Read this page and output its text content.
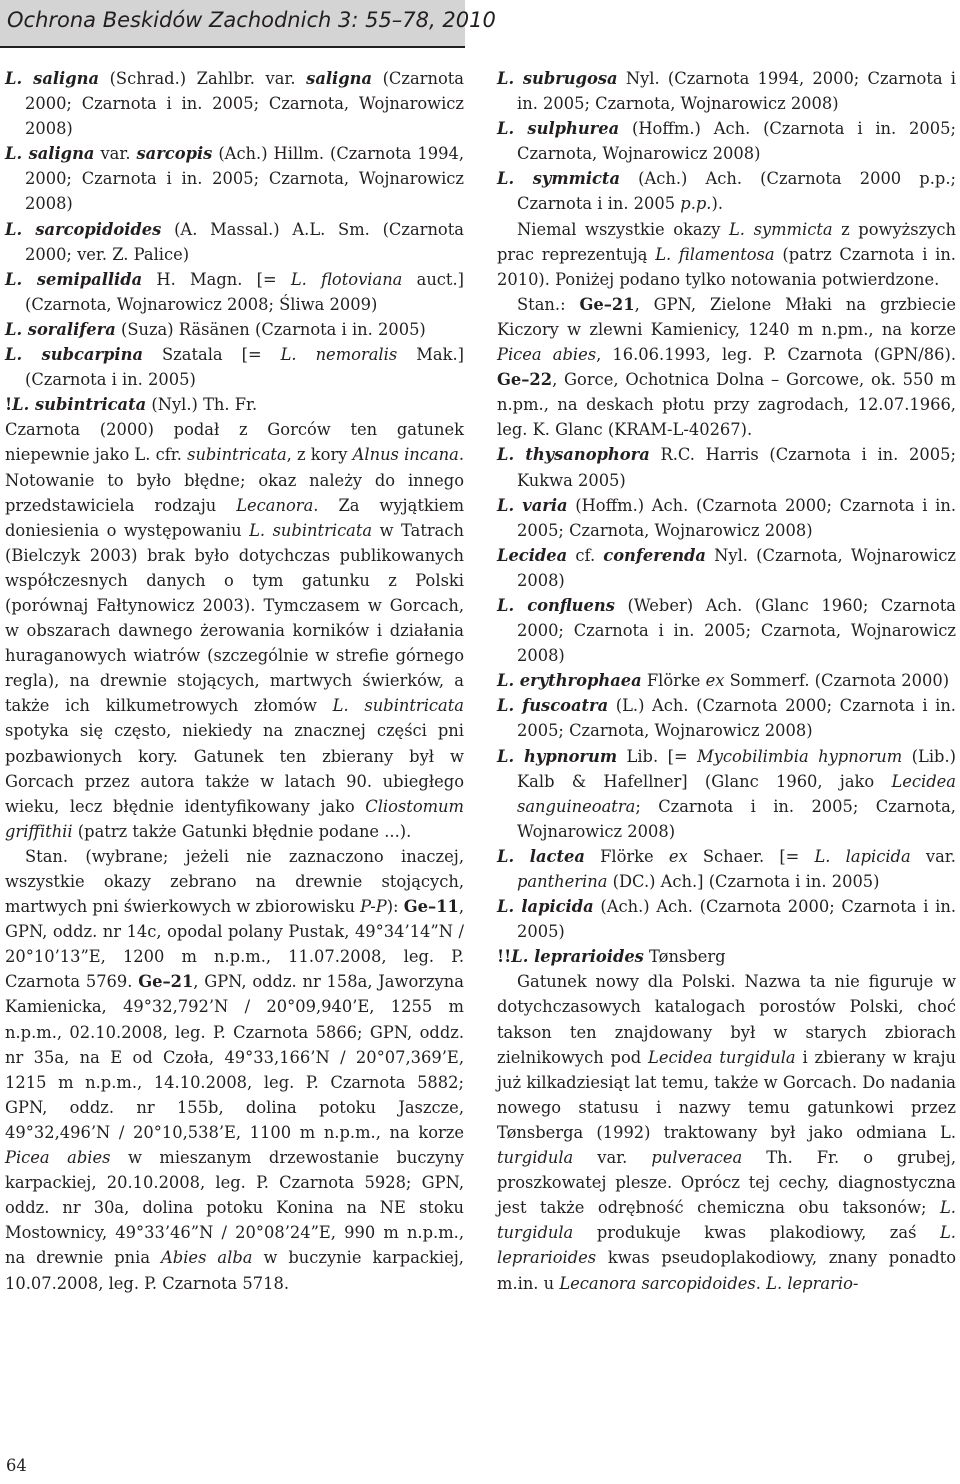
Ochrona Beskidów Zachodnich 3: 55–78, 2010

L. saligna (Schrad.) Zahlbr. var. saligna (Czarnota 2000; Czarnota i in. 2005; Czarnota, Wojnarowicz 2008)

L. saligna var. sarcopis (Ach.) Hillm. (Czarnota 1994, 2000; Czarnota i in. 2005; Czarnota, Wojnarowicz 2008)

L. sarcopidoides (A. Massal.) A.L. Sm. (Czarnota 2000; ver. Z. Palice)

L. semipallida H. Magn. [= L. flotoviana auct.] (Czarnota, Wojnarowicz 2008; Śliwa 2009)

L. soralifera (Suza) Räsänen (Czarnota i in. 2005)

L. subcarpina Szatala [= L. nemoralis Mak.] (Czarnota i in. 2005)

!L. subintricata (Nyl.) Th. Fr.

Czarnota (2000) podał z Gorców ten gatunek niepewnie jako L. cfr. subintricata, z kory Alnus incana. Notowanie to było błędne; okaz należy do innego przedstawiciela rodzaju Lecanora. Za wyjątkiem doniesienia o występowaniu L. subintricata w Tatrach (Bielczyk 2003) brak było dotychczas publikowanych współczesnych danych o tym gatunku z Polski (porównaj Fałtynowicz 2003). Tymczasem w Gorcach, w obszarach dawnego żerowania korników i działania huraganowych wiatrów (szczególnie w strefie górnego regla), na drewnie stojących, martwych świerków, a także ich kilkumetrowych złomów L. subintricata spotyka się często, niekiedy na znacznej części pni pozbawionych kory. Gatunek ten zbierany był w Gorcach przez autora także w latach 90. ubiegłego wieku, lecz błędnie identyfikowany jako Cliostomum griffithii (patrz także Gatunki błędnie podane ...).

Stan. (wybrane; jeżeli nie zaznaczono inaczej, wszystkie okazy zebrano na drewnie stojących, martwych pni świerkowych w zbiorowisku P-P): Ge–11, GPN, oddz. nr 14c, opodal polany Pustak, 49°34’14”N / 20°10’13”E, 1200 m n.p.m., 11.07.2008, leg. P. Czarnota 5769. Ge–21, GPN, oddz. nr 158a, Jaworzyna Kamienicka, 49°32,792’N / 20°09,940’E, 1255 m n.p.m., 02.10.2008, leg. P. Czarnota 5866; GPN, oddz. nr 35a, na E od Czoła, 49°33,166’N / 20°07,369’E, 1215 m n.p.m., 14.10.2008, leg. P. Czarnota 5882; GPN, oddz. nr 155b, dolina potoku Jaszcze, 49°32,496’N / 20°10,538’E, 1100 m n.p.m., na korze Picea abies w mieszanym drzewostanie buczyny karpackiej, 20.10.2008, leg. P. Czarnota 5928; GPN, oddz. nr 30a, dolina potoku Konina na NE stoku Mostownicy, 49°33’46”N / 20°08’24”E, 990 m n.p.m., na drewnie pnia Abies alba w buczynie karpackiej, 10.07.2008, leg. P. Czarnota 5718.

L. subrugosa Nyl. (Czarnota 1994, 2000; Czarnota i in. 2005; Czarnota, Wojnarowicz 2008)

L. sulphurea (Hoffm.) Ach. (Czarnota i in. 2005; Czarnota, Wojnarowicz 2008)

L. symmicta (Ach.) Ach. (Czarnota 2000 p.p.; Czarnota i in. 2005 p.p.).

Niemal wszystkie okazy L. symmicta z powyższych prac reprezentują L. filamentosa (patrz Czarnota i in. 2010). Poniżej podano tylko notowania potwierdzone.

Stan.: Ge–21, GPN, Zielone Młaki na grzbiecie Kiczory w zlewni Kamienicy, 1240 m n.pm., na korze Picea abies, 16.06.1993, leg. P. Czarnota (GPN/86). Ge–22, Gorce, Ochotnica Dolna – Gorcowe, ok. 550 m n.pm., na deskach płotu przy zagrodach, 12.07.1966, leg. K. Glanc (KRAM-L-40267).

L. thysanophora R.C. Harris (Czarnota i in. 2005; Kukwa 2005)

L. varia (Hoffm.) Ach. (Czarnota 2000; Czarnota i in. 2005; Czarnota, Wojnarowicz 2008)

Lecidea cf. conferenda Nyl. (Czarnota, Wojnarowicz 2008)

L. confluens (Weber) Ach. (Glanc 1960; Czarnota 2000; Czarnota i in. 2005; Czarnota, Wojnarowicz 2008)

L. erythrophaea Flörke ex Sommerf. (Czarnota 2000)

L. fuscoatra (L.) Ach. (Czarnota 2000; Czarnota i in. 2005; Czarnota, Wojnarowicz 2008)

L. hypnorum Lib. [= Mycobilimbia hypnorum (Lib.) Kalb & Hafellner] (Glanc 1960, jako Lecidea sanguineoatra; Czarnota i in. 2005; Czarnota, Wojnarowicz 2008)

L. lactea Flörke ex Schaer. [= L. lapicida var. pantherina (DC.) Ach.] (Czarnota i in. 2005)

L. lapicida (Ach.) Ach. (Czarnota 2000; Czarnota i in. 2005)

!!L. leprarioides Tønsberg

Gatunek nowy dla Polski. Nazwa ta nie figuruje w dotychczasowych katalogach porostów Polski, choć takson ten znajdowany był w starych zbiorach zielnikowych pod Lecidea turgidula i zbierany w kraju już kilkadziesiąt lat temu, także w Gorcach. Do nadania nowego statusu i nazwy temu gatunkowi przez Tønsberga (1992) traktowany był jako odmiana L. turgidula var. pulveracea Th. Fr. o grubej, proszkowatej plesze. Oprócz tej cechy, diagnostyczna jest także odrębność chemiczna obu taksonów; L. turgidula produkuje kwas plakodiowy, zaś L. leprarioides kwas pseudoplakodiowy, znany ponadto m.in. u Lecanora sarcopidoides. L. leprario-

64
